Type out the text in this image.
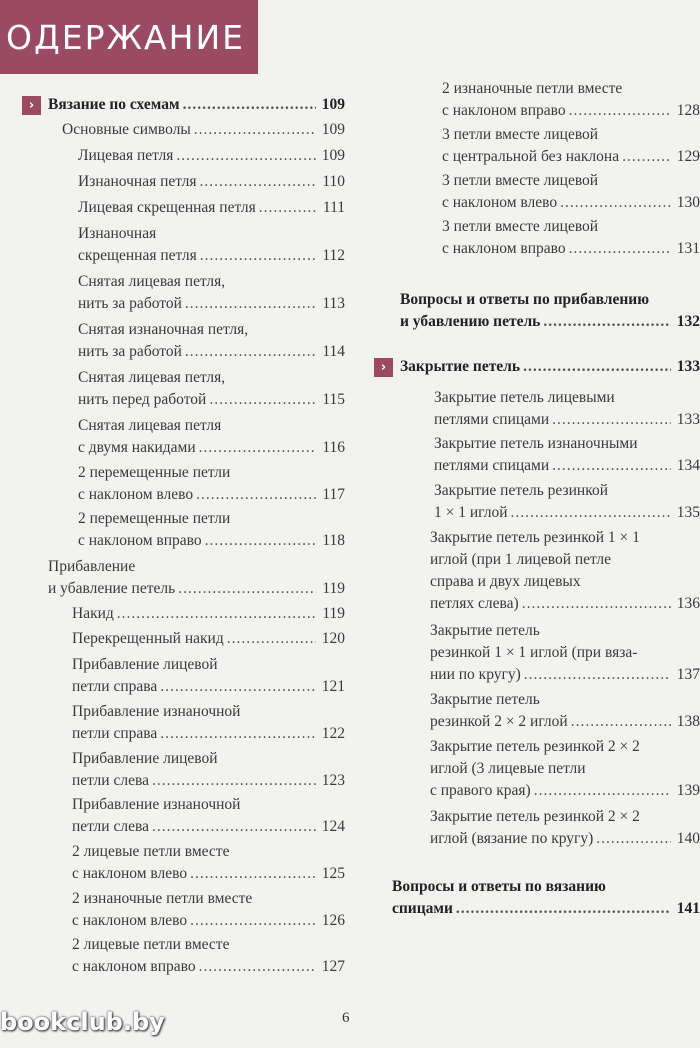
ОДЕРЖАНИЕ
Вязание по схемам .....	109
›
Основные символы .....	109
Лицевая петля .....	109
Изнаночная петля .....	110
Лицевая скрещенная петля .....	111
Изнаночная
скрещенная петля .....	112
Снятая лицевая петля,
нить за работой .....	113
Снятая изнаночная петля,
нить за работой .....	114
Снятая лицевая петля,
нить перед работой .....	115
Снятая лицевая петля
с двумя накидами .....	116
2 перемещенные петли
с наклоном влево .....	117
2 перемещенные петли
с наклоном вправо .....	118
Прибавление
и убавление петель .....	119
Накид .....	119
Перекрещенный накид .....	120
Прибавление лицевой
петли справа .....	121
Прибавление изнаночной
петли справа .....	122
Прибавление лицевой
петли слева .....	123
Прибавление изнаночной
петли слева .....	124
2 лицевые петли вместе
с наклоном влево .....	125
2 изнаночные петли вместе
с наклоном влево .....	126
2 лицевые петли вместе
с наклоном вправо .....	127
2 изнаночные петли вместе
с наклоном вправо .....	128
3 петли вместе лицевой
с центральной без наклона .....	129
3 петли вместе лицевой
с наклоном влево .....	130
3 петли вместе лицевой
с наклоном вправо .....	131
Вопросы и ответы по прибавлению
и убавлению петель .....	132
Закрытие петель .....	133
›
Закрытие петель лицевыми
петлями спицами .....	133
Закрытие петель изнаночными
петлями спицами .....	134
Закрытие петель резинкой
1 × 1 иглой .....	135
Закрытие петель резинкой 1 × 1
иглой (при 1 лицевой петле
справа и двух лицевых
петлях слева) .....	136
Закрытие петель
резинкой 1 × 1 иглой (при вяза-
нии по кругу) .....	137
Закрытие петель
резинкой 2 × 2 иглой .....	138
Закрытие петель резинкой 2 × 2
иглой (3 лицевые петли
с правого края) .....	139
Закрытие петель резинкой 2 × 2
иглой (вязание по кругу) .....	140
Вопросы и ответы по вязанию
спицами .....	141
6
bookclub.by
